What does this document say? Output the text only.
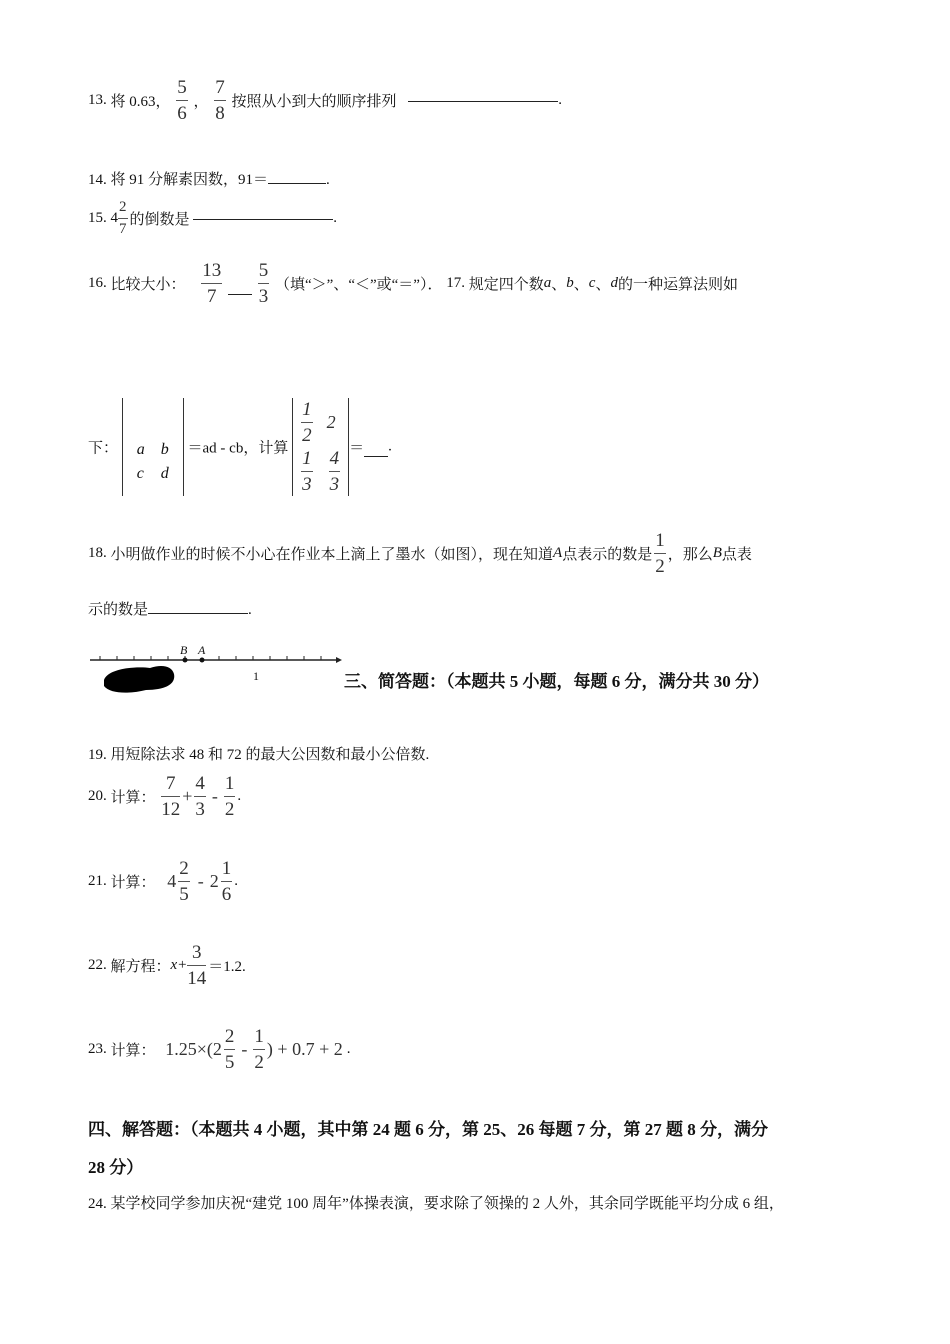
13. 将 0.63， $\frac{5}{6}$ ， $\frac{7}{8}$ 按照从小到大的顺序排列	.
14. 将 91 分解素因数，91＝	.
15. $4 \frac{2}{7}$ 的倒数是	.
16. 比较大小： $\frac{13}{7}$
$\frac{5}{3}$ （填“＞”、“＜”或“＝”）． 17. 规定四个数a、b、c、d的一种运算法则如
下： a	b
c	d
＝ad - cb，计算
$\frac{1}{2}$	2

$\frac{1}{3}$	$\frac{4}{3}$
＝ .
18. 小明做作业的时候不小心在作业本上滴上了墨水（如图），现在知道A点表示的数是 $\frac{1}{2}$ ，那么B点表
示的数是	.
B A
1	三、简答题：（本题共 5 小题，每题 6 分，满分共 30 分）
19. 用短除法求 48 和 72 的最大公因数和最小公倍数.
20. 计算： $\frac{7}{12} + \frac{4}{3} - \frac{1}{2}$ .
21. 计算： $4 \frac{2}{5} - 2 \frac{1}{6}$ .
22. 解方程：$x+ \frac{3}{14} =1.2$.
23. 计算： $1.25\times(2 \frac{2}{5} - \frac{1}{2}$ ) + 0.7 + 2 .
四、解答题：（本题共 4 小题，其中第 24 题 6 分，第 25、26 每题 7 分，第 27 题 8 分，满分
28 分）
24. 某学校同学参加庆祝“建党 100 周年”体操表演，要求除了领操的 2 人外，其余同学既能平均分成 6 组，
